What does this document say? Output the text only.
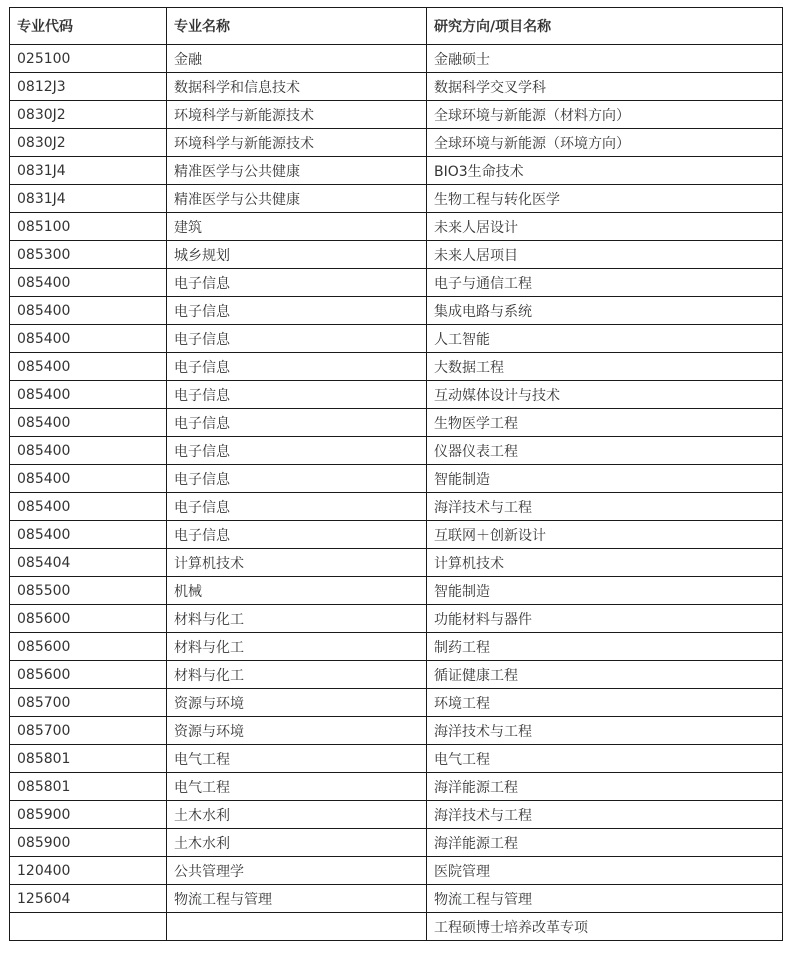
专业代码	专业名称	研究方向/项目名称
025100	金融	金融硕士
0812J3	数据科学和信息技术	数据科学交叉学科
0830J2	环境科学与新能源技术	全球环境与新能源（材料方向）
0830J2	环境科学与新能源技术	全球环境与新能源（环境方向）
0831J4	精准医学与公共健康	BIO3生命技术
0831J4	精准医学与公共健康	生物工程与转化医学
085100	建筑	未来人居设计
085300	城乡规划	未来人居项目
085400	电子信息	电子与通信工程
085400	电子信息	集成电路与系统
085400	电子信息	人工智能
085400	电子信息	大数据工程
085400	电子信息	互动媒体设计与技术
085400	电子信息	生物医学工程
085400	电子信息	仪器仪表工程
085400	电子信息	智能制造
085400	电子信息	海洋技术与工程
085400	电子信息	互联网＋创新设计
085404	计算机技术	计算机技术
085500	机械	智能制造
085600	材料与化工	功能材料与器件
085600	材料与化工	制药工程
085600	材料与化工	循证健康工程
085700	资源与环境	环境工程
085700	资源与环境	海洋技术与工程
085801	电气工程	电气工程
085801	电气工程	海洋能源工程
085900	土木水利	海洋技术与工程
085900	土木水利	海洋能源工程
120400	公共管理学	医院管理
125604	物流工程与管理	物流工程与管理
		工程硕博士培养改革专项
